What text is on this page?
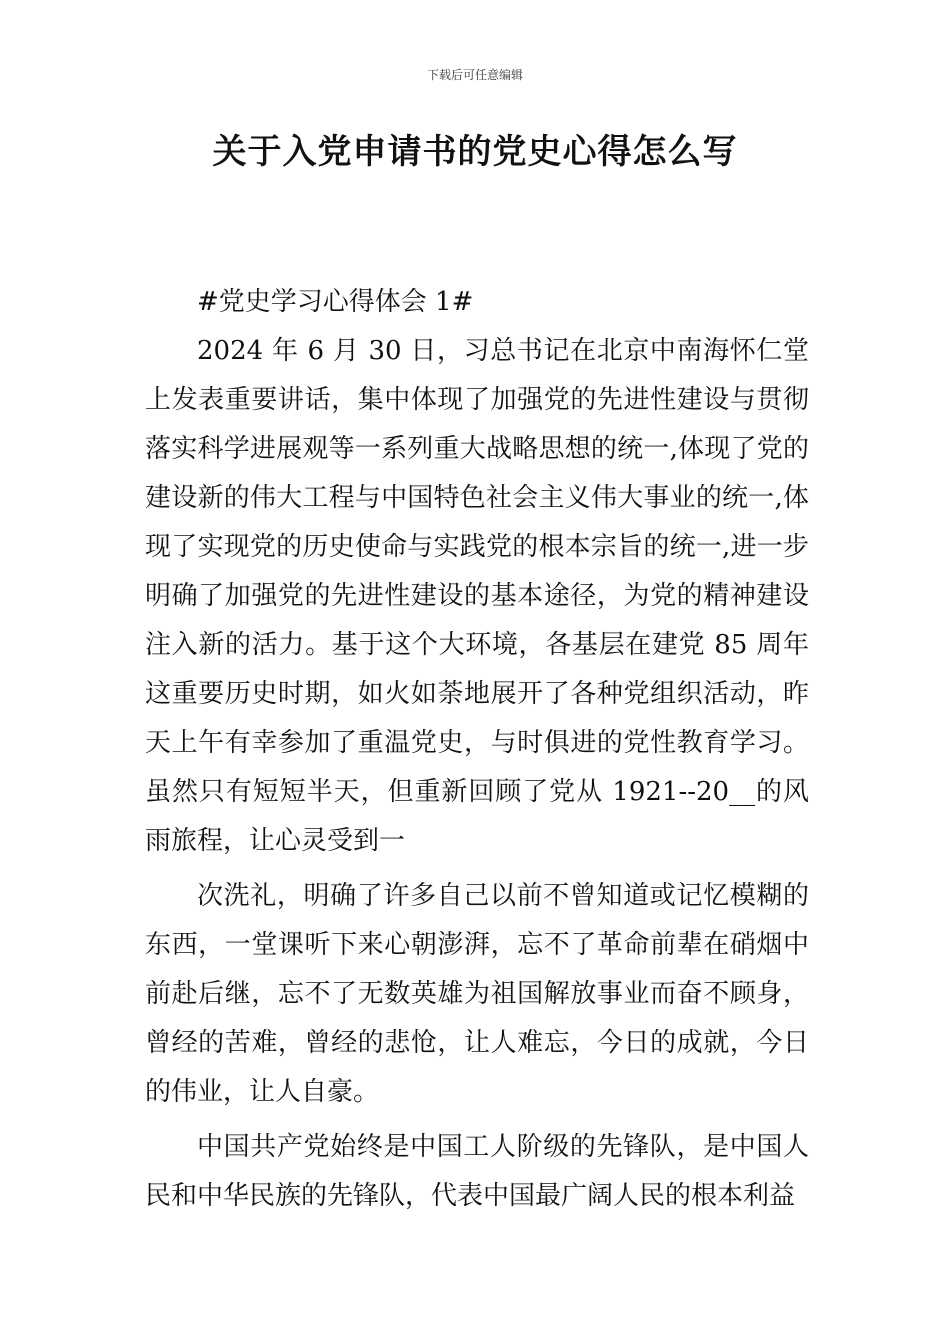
下载后可任意编辑
关于入党申请书的党史心得怎么写

#党史学习心得体会 1#

2024 年 6 月 30 日，习总书记在北京中南海怀仁堂上发表重要讲话，集中体现了加强党的先进性建设与贯彻落实科学进展观等一系列重大战略思想的统一,体现了党的建设新的伟大工程与中国特色社会主义伟大事业的统一,体现了实现党的历史使命与实践党的根本宗旨的统一,进一步明确了加强党的先进性建设的基本途径，为党的精神建设注入新的活力。基于这个大环境，各基层在建党 85 周年这重要历史时期，如火如荼地展开了各种党组织活动，昨天上午有幸参加了重温党史，与时俱进的党性教育学习。虽然只有短短半天，但重新回顾了党从 1921--20__的风雨旅程，让心灵受到一

次洗礼，明确了许多自己以前不曾知道或记忆模糊的东西，一堂课听下来心朝澎湃，忘不了革命前辈在硝烟中前赴后继，忘不了无数英雄为祖国解放事业而奋不顾身，曾经的苦难，曾经的悲怆，让人难忘，今日的成就，今日的伟业，让人自豪。

中国共产党始终是中国工人阶级的先锋队，是中国人民和中华民族的先锋队，代表中国最广阔人民的根本利益
